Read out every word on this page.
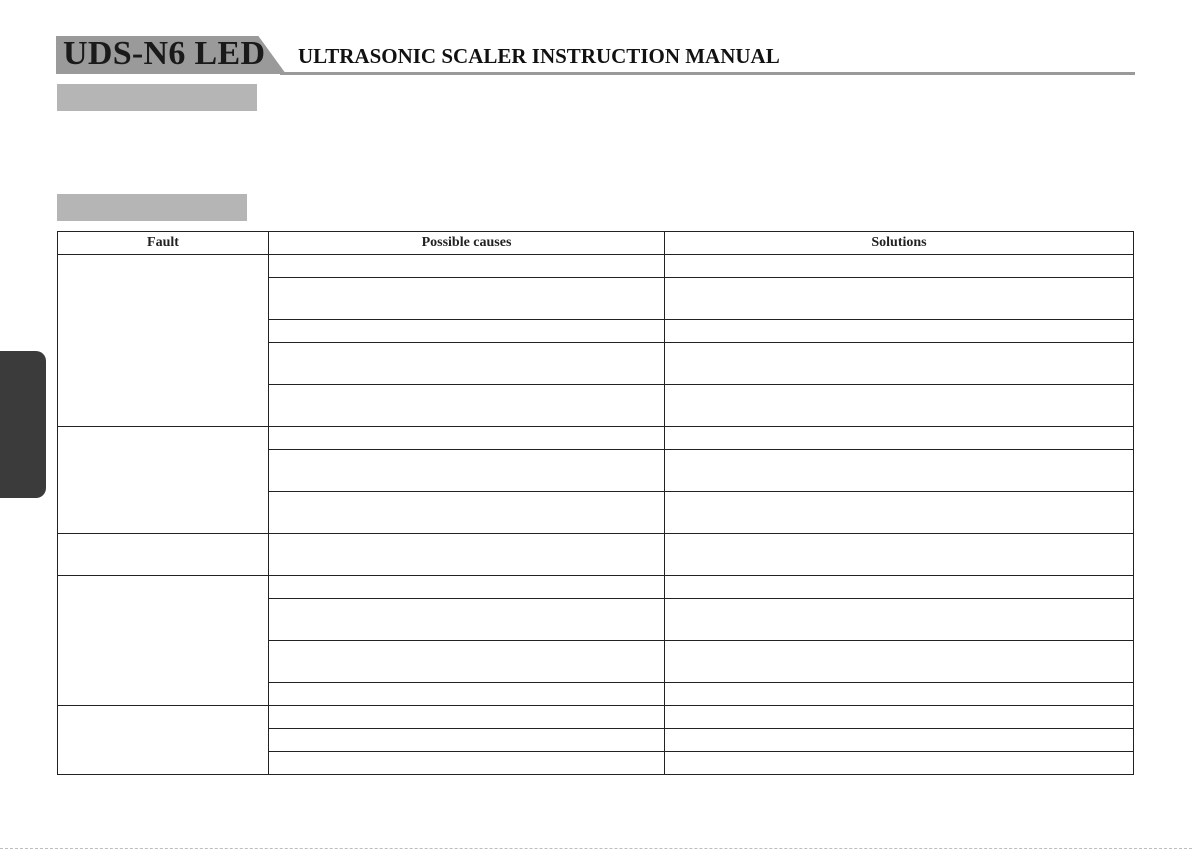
UDS-N6 LED ULTRASONIC SCALER INSTRUCTION MANUAL
Fault	Possible causes	Solutions
